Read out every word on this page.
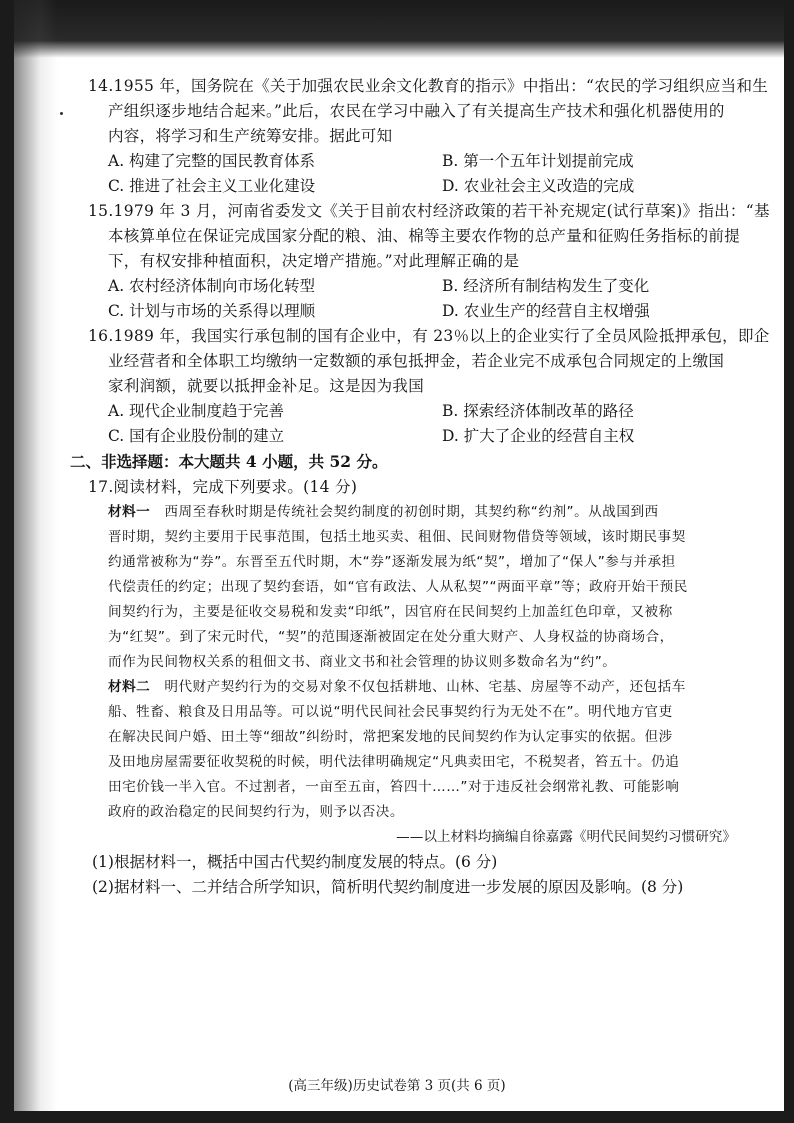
14.1955 年，国务院在《关于加强农民业余文化教育的指示》中指出：“农民的学习组织应当和生
产组织逐步地结合起来。”此后，农民在学习中融入了有关提高生产技术和强化机器使用的
内容，将学习和生产统筹安排。据此可知
A. 构建了完整的国民教育体系	B. 第一个五年计划提前完成
C. 推进了社会主义工业化建设	D. 农业社会主义改造的完成
15.1979 年 3 月，河南省委发文《关于目前农村经济政策的若干补充规定(试行草案)》指出：“基
本核算单位在保证完成国家分配的粮、油、棉等主要农作物的总产量和征购任务指标的前提
下，有权安排种植面积，决定增产措施。”对此理解正确的是
A. 农村经济体制向市场化转型	B. 经济所有制结构发生了变化
C. 计划与市场的关系得以理顺	D. 农业生产的经营自主权增强
16.1989 年，我国实行承包制的国有企业中，有 23％以上的企业实行了全员风险抵押承包，即企
业经营者和全体职工均缴纳一定数额的承包抵押金，若企业完不成承包合同规定的上缴国
家利润额，就要以抵押金补足。这是因为我国
A. 现代企业制度趋于完善	B. 探索经济体制改革的路径
C. 国有企业股份制的建立	D. 扩大了企业的经营自主权
二、非选择题：本大题共 4 小题，共 52 分。
17.阅读材料，完成下列要求。(14 分)
材料一　西周至春秋时期是传统社会契约制度的初创时期，其契约称“约剂”。从战国到西
晋时期，契约主要用于民事范围，包括土地买卖、租佃、民间财物借贷等领域，该时期民事契
约通常被称为“券”。东晋至五代时期，木“券”逐渐发展为纸“契”，增加了“保人”参与并承担
代偿责任的约定；出现了契约套语，如“官有政法、人从私契”“两面平章”等；政府开始干预民
间契约行为，主要是征收交易税和发卖“印纸”，因官府在民间契约上加盖红色印章，又被称
为“红契”。到了宋元时代，“契”的范围逐渐被固定在处分重大财产、人身权益的协商场合，
而作为民间物权关系的租佃文书、商业文书和社会管理的协议则多数命名为“约”。
材料二　明代财产契约行为的交易对象不仅包括耕地、山林、宅基、房屋等不动产，还包括车
船、牲畜、粮食及日用品等。可以说“明代民间社会民事契约行为无处不在”。明代地方官吏
在解决民间户婚、田土等“细故”纠纷时，常把案发地的民间契约作为认定事实的依据。但涉
及田地房屋需要征收契税的时候，明代法律明确规定“凡典卖田宅，不税契者，笞五十。仍追
田宅价钱一半入官。不过割者，一亩至五亩，笞四十……”对于违反社会纲常礼教、可能影响
政府的政治稳定的民间契约行为，则予以否决。
——以上材料均摘编自徐嘉露《明代民间契约习惯研究》
(1)根据材料一，概括中国古代契约制度发展的特点。(6 分)
(2)据材料一、二并结合所学知识，简析明代契约制度进一步发展的原因及影响。(8 分)
(高三年级)历史试卷第 3 页(共 6 页)
